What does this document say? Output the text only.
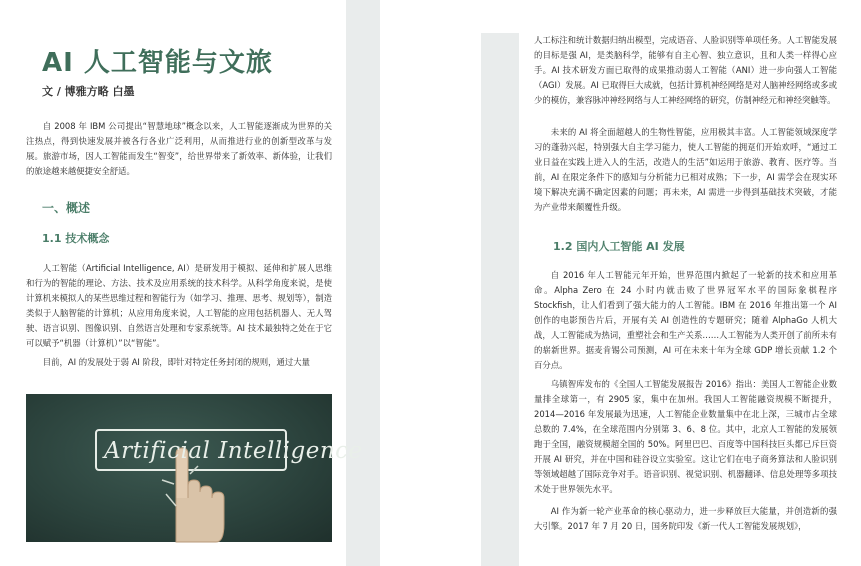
AI 人工智能与文旅
文 / 博雅方略 白墨

自 2008 年 IBM 公司提出“智慧地球”概念以来，人工智能逐渐成为世界的关注热点，得到快速发展并被各行各业广泛利用，从而推进行业的创新型改革与发展。旅游市场，因人工智能而发生“智变”，给世界带来了新效率、新体验，让我们的旅途越来越便捷安全舒适。

一、概述
1.1 技术概念

人工智能（Artificial Intelligence, AI）是研发用于模拟、延伸和扩展人思维和行为的智能的理论、方法、技术及应用系统的技术科学。从科学角度来说，是使计算机来模拟人的某些思维过程和智能行为（如学习、推理、思考、规划等），制造类似于人脑智能的计算机；从应用角度来说，人工智能的应用包括机器人、无人驾驶、语言识别、图像识别、自然语言处理和专家系统等。AI 技术最独特之处在于它可以赋予“机器（计算机）”以“智能”。

目前，AI 的发展处于弱 AI 阶段，即针对特定任务封闭的规则，通过大量

Artificial Intelligence

人工标注和统计数据归纳出模型，完成语音、人脸识别等单项任务。人工智能发展的目标是强 AI，是类脑科学，能够有自主心智、独立意识，且和人类一样得心应手。AI 技术研发方面已取得的成果推动弱人工智能（ANI）进一步向强人工智能（AGI）发展。AI 已取得巨大成就，包括计算机神经网络是对人脑神经网络或多或少的模仿，兼容脉冲神经网络与人工神经网络的研究，仿制神经元和神经突触等。

未来的 AI 将全面超越人的生物性智能，应用极其丰富。人工智能领域深度学习的蓬勃兴起，特别强大自主学习能力，使人工智能的拥趸们开始欢呼，“通过工业日益在实践上进入人的生活，改造人的生活”如运用于旅游、教育、医疗等。当前，AI 在限定条件下的感知与分析能力已相对成熟；下一步，AI 需学会在现实环境下解决充满不确定因素的问题；再未来，AI 需进一步得到基础技术突破，才能为产业带来颠覆性升级。

1.2 国内人工智能 AI 发展

自 2016 年人工智能元年开始，世界范围内掀起了一轮新的技术和应用革命。Alpha Zero 在 24 小时内就击败了世界冠军水平的国际象棋程序 Stockfish，让人们看到了强大能力的人工智能。IBM 在 2016 年推出第一个 AI 创作的电影预告片后，开展有关 AI 创造性的专题研究；随着 AlphaGo 人机大战，人工智能成为热词，重塑社会和生产关系……人工智能为人类开创了前所未有的崭新世界。据麦肯锡公司预测，AI 可在未来十年为全球 GDP 增长贡献 1.2 个百分点。

乌镇智库发布的《全国人工智能发展报告 2016》指出：美国人工智能企业数量排全球第一，有 2905 家，集中在加州。我国人工智能融资规模不断提升，2014—2016 年发展最为迅速，人工智能企业数量集中在北上深，三城市占全球总数的 7.4%，在全球范围内分别第 3、6、8 位。其中，北京人工智能的发展领跑于全国，融资规模超全国的 50%。阿里巴巴、百度等中国科技巨头都已斥巨资开展 AI 研究，并在中国和硅谷设立实验室。这让它们在电子商务算法和人脸识别等领域超越了国际竞争对手。语音识别、视觉识别、机器翻译、信息处理等多项技术处于世界领先水平。

AI 作为新一轮产业革命的核心驱动力，进一步释放巨大能量，并创造新的强大引擎。2017 年 7 月 20 日，国务院印发《新一代人工智能发展规划》，
